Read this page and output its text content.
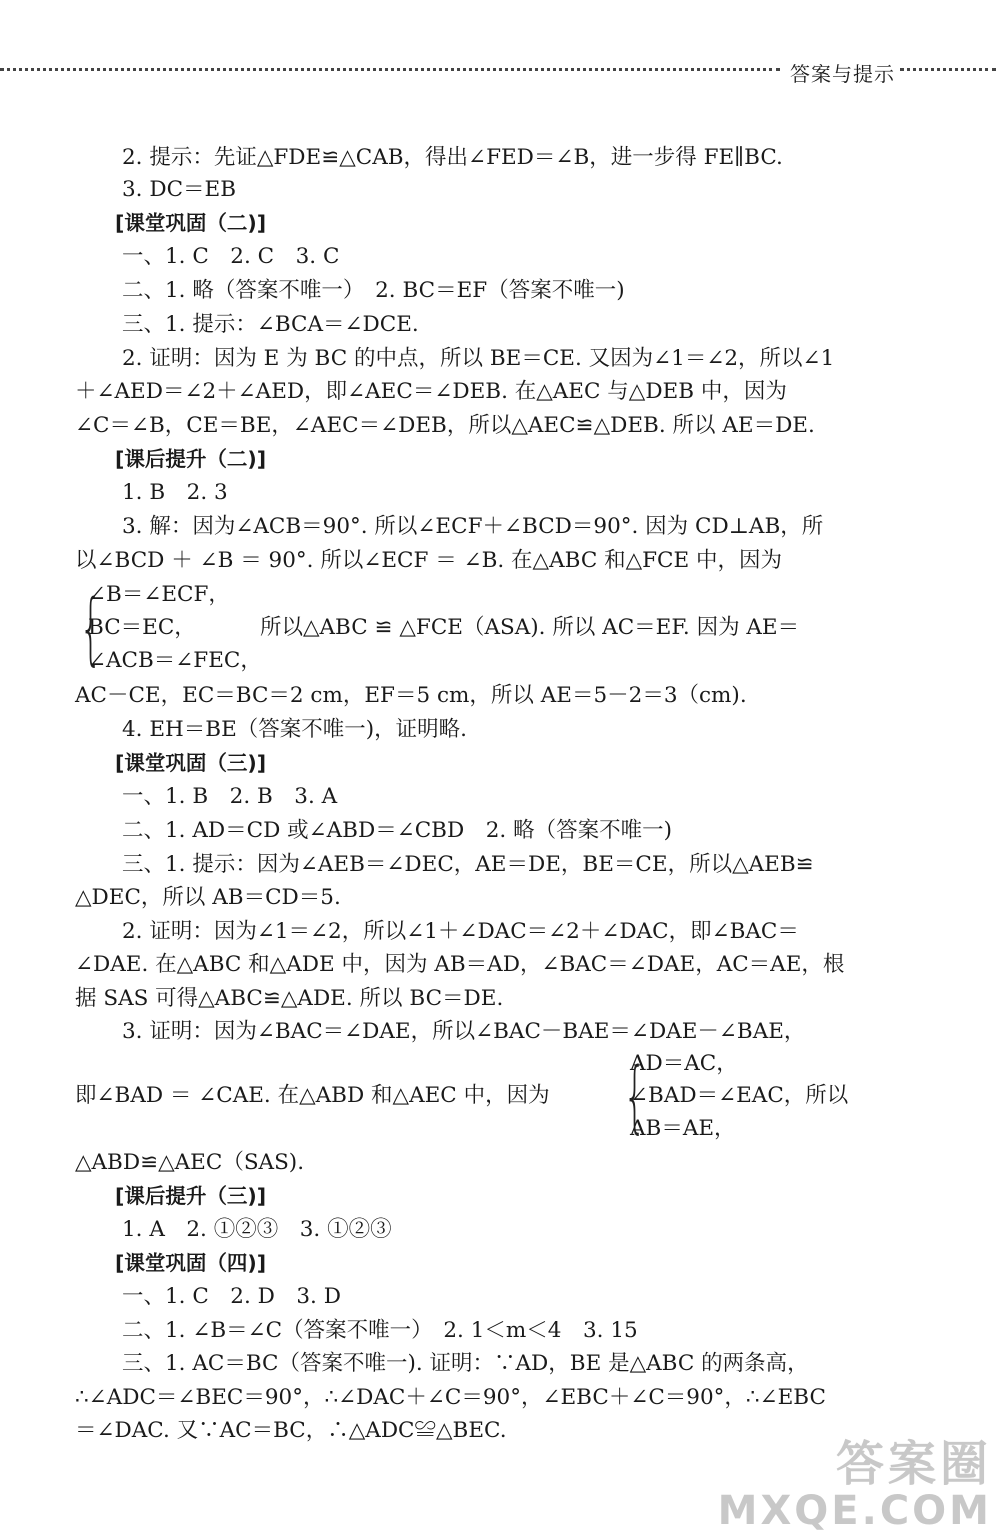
答案与提示
2. 提示：先证△FDE≌△CAB，得出∠FED＝∠B，进一步得 FE∥BC.
3. DC＝EB
[课堂巩固（二)]
一、1. C　2. C　3. C
二、1. 略（答案不唯一）　2. BC＝EF（答案不唯一)
三、1. 提示：∠BCA＝∠DCE.
2. 证明：因为 E 为 BC 的中点，所以 BE＝CE. 又因为∠1＝∠2，所以∠1
＋∠AED＝∠2＋∠AED，即∠AEC＝∠DEB. 在△AEC 与△DEB 中，因为
∠C＝∠B，CE＝BE，∠AEC＝∠DEB，所以△AEC≌△DEB. 所以 AE＝DE.
[课后提升（二)]
1. B　2. 3
3. 解：因为∠ACB＝90°. 所以∠ECF＋∠BCD＝90°. 因为 CD⊥AB，所
以∠BCD ＋ ∠B ＝ 90°. 所以∠ECF ＝ ∠B. 在△ABC 和△FCE 中，因为
{
∠B＝∠ECF，
BC＝EC，	所以△ABC ≌ △FCE（ASA). 所以 AC＝EF. 因为 AE＝
∠ACB＝∠FEC，
AC－CE，EC＝BC＝2 cm，EF＝5 cm，所以 AE＝5－2＝3（cm).
4. EH＝BE（答案不唯一)，证明略.
[课堂巩固（三)]
一、1. B　2. B　3. A
二、1. AD＝CD 或∠ABD＝∠CBD　2. 略（答案不唯一)
三、1. 提示：因为∠AEB＝∠DEC，AE＝DE，BE＝CE，所以△AEB≌
△DEC，所以 AB＝CD＝5.
2. 证明：因为∠1＝∠2，所以∠1＋∠DAC＝∠2＋∠DAC，即∠BAC＝
∠DAE. 在△ABC 和△ADE 中，因为 AB＝AD，∠BAC＝∠DAE，AC＝AE，根
据 SAS 可得△ABC≌△ADE. 所以 BC＝DE.
3. 证明：因为∠BAC＝∠DAE，所以∠BAC－BAE＝∠DAE－∠BAE，
{
AD＝AC，
即∠BAD ＝ ∠CAE. 在△ABD 和△AEC 中，因为	∠BAD＝∠EAC，所以
AB＝AE，
△ABD≌△AEC（SAS).
[课后提升（三)]
1. A　2. ①②③　3. ①②③
[课堂巩固（四)]
一、1. C　2. D　3. D
二、1. ∠B＝∠C（答案不唯一）　2. 1＜m＜4　3. 15
三、1. AC＝BC（答案不唯一). 证明：∵AD，BE 是△ABC 的两条高，
∴∠ADC＝∠BEC＝90°，∴∠DAC＋∠C＝90°，∠EBC＋∠C＝90°，∴∠EBC
＝∠DAC. 又∵AC＝BC，∴△ADC≌△BEC.
答案圈
MXQE.COM
